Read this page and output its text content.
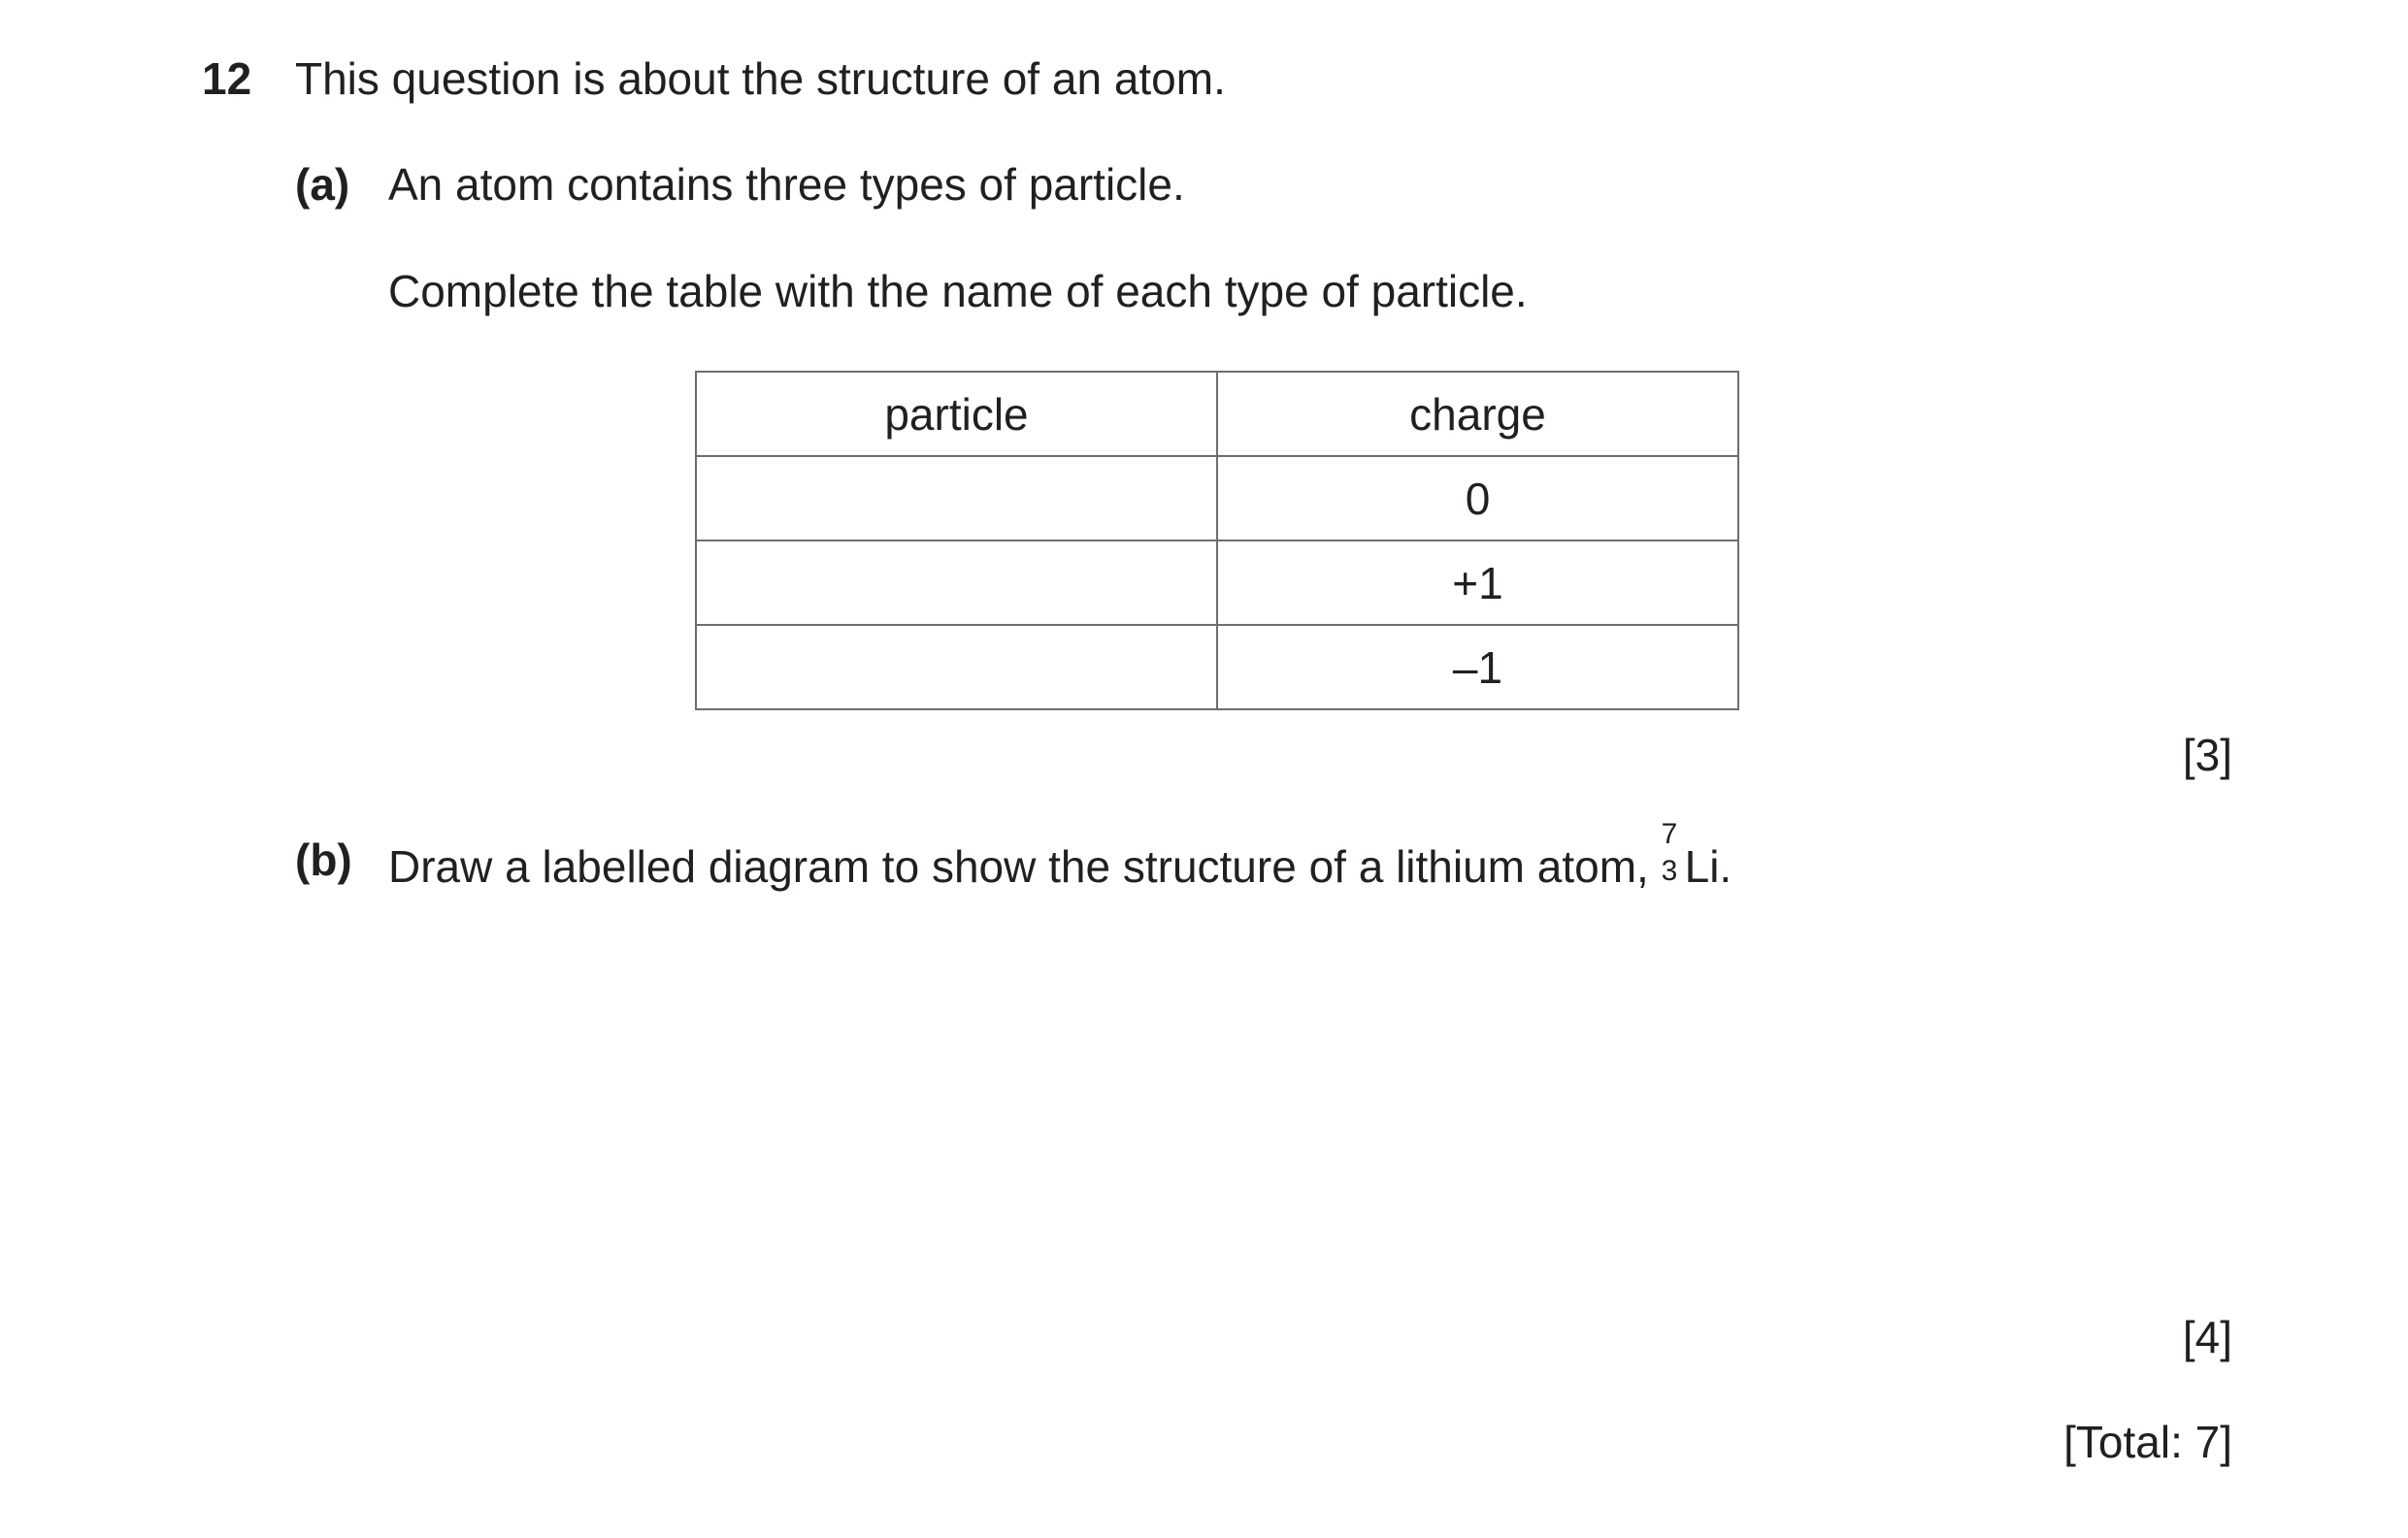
12 This question is about the structure of an atom.
(a) An atom contains three types of particle.
Complete the table with the name of each type of particle.
particle	charge
	0
	+1
	–1
[3]
(b) Draw a labelled diagram to show the structure of a lithium atom,
7
3 Li.
[4]
[Total: 7]
